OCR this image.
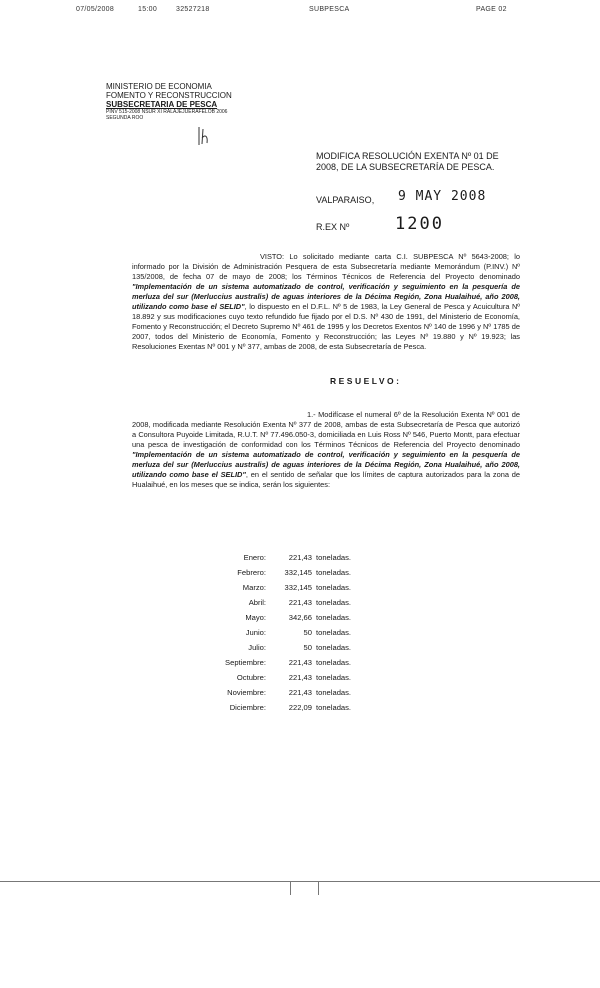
07/05/2008	15:00	32527218	SUBPESCA	PAGE 02
MINISTERIO DE ECONOMIA
FOMENTO Y RECONSTRUCCION
SUBSECRETARIA DE PESCA
PINV 515-2008 NSUR XI RALAJEJUERAFELOB 2006
SEGUNDA ROO
MODIFICA RESOLUCIÓN EXENTA Nº 01 DE 2008, DE LA SUBSECRETARÍA DE PESCA.
VALPARAISO, 9 MAY 2008
R.EX Nº	1200
VISTO: Lo solicitado mediante carta C.I. SUBPESCA Nº 5643-2008; lo informado por la División de Administración Pesquera de esta Subsecretaría mediante Memorándum (P.INV.) Nº 135/2008, de fecha 07 de mayo de 2008; los Términos Técnicos de Referencia del Proyecto denominado "Implementación de un sistema automatizado de control, verificación y seguimiento en la pesquería de merluza del sur (Merluccius australis) de aguas interiores de la Décima Región, Zona Hualaihué, año 2008, utilizando como base el SELID", lo dispuesto en el D.F.L. Nº 5 de 1983, la Ley General de Pesca y Acuicultura Nº 18.892 y sus modificaciones cuyo texto refundido fue fijado por el D.S. Nº 430 de 1991, del Ministerio de Economía, Fomento y Reconstrucción; el Decreto Supremo Nº 461 de 1995 y los Decretos Exentos Nº 140 de 1996 y Nº 1785 de 2007, todos del Ministerio de Economía, Fomento y Reconstrucción; las Leyes Nº 19.880 y Nº 19.923; las Resoluciones Exentas Nº 001 y Nº 377, ambas de 2008, de esta Subsecretaría de Pesca.
RESUELVO:
1.- Modifícase el numeral 6º de la Resolución Exenta Nº 001 de 2008, modificada mediante Resolución Exenta Nº 377 de 2008, ambas de esta Subsecretaría de Pesca que autorizó a Consultora Puyoide Limitada, R.U.T. Nº 77.496.050-3, domiciliada en Luis Ross Nº 546, Puerto Montt, para efectuar una pesca de investigación de conformidad con los Términos Técnicos de Referencia del Proyecto denominado "Implementación de un sistema automatizado de control, verificación y seguimiento en la pesquería de merluza del sur (Merluccius australis) de aguas interiores de la Décima Región, Zona Hualaihué, año 2008, utilizando como base el SELID", en el sentido de señalar que los límites de captura autorizados para la zona de Hualaihué, en los meses que se indica, serán los siguientes:
Enero:	221,43	toneladas.
Febrero:	332,145	toneladas.
Marzo:	332,145	toneladas.
Abril:	221,43	toneladas.
Mayo:	342,66	toneladas.
Junio:	50	toneladas.
Julio:	50	toneladas.
Septiembre:	221,43	toneladas.
Octubre:	221,43	toneladas.
Noviembre:	221,43	toneladas.
Diciembre:	222,09	toneladas.
